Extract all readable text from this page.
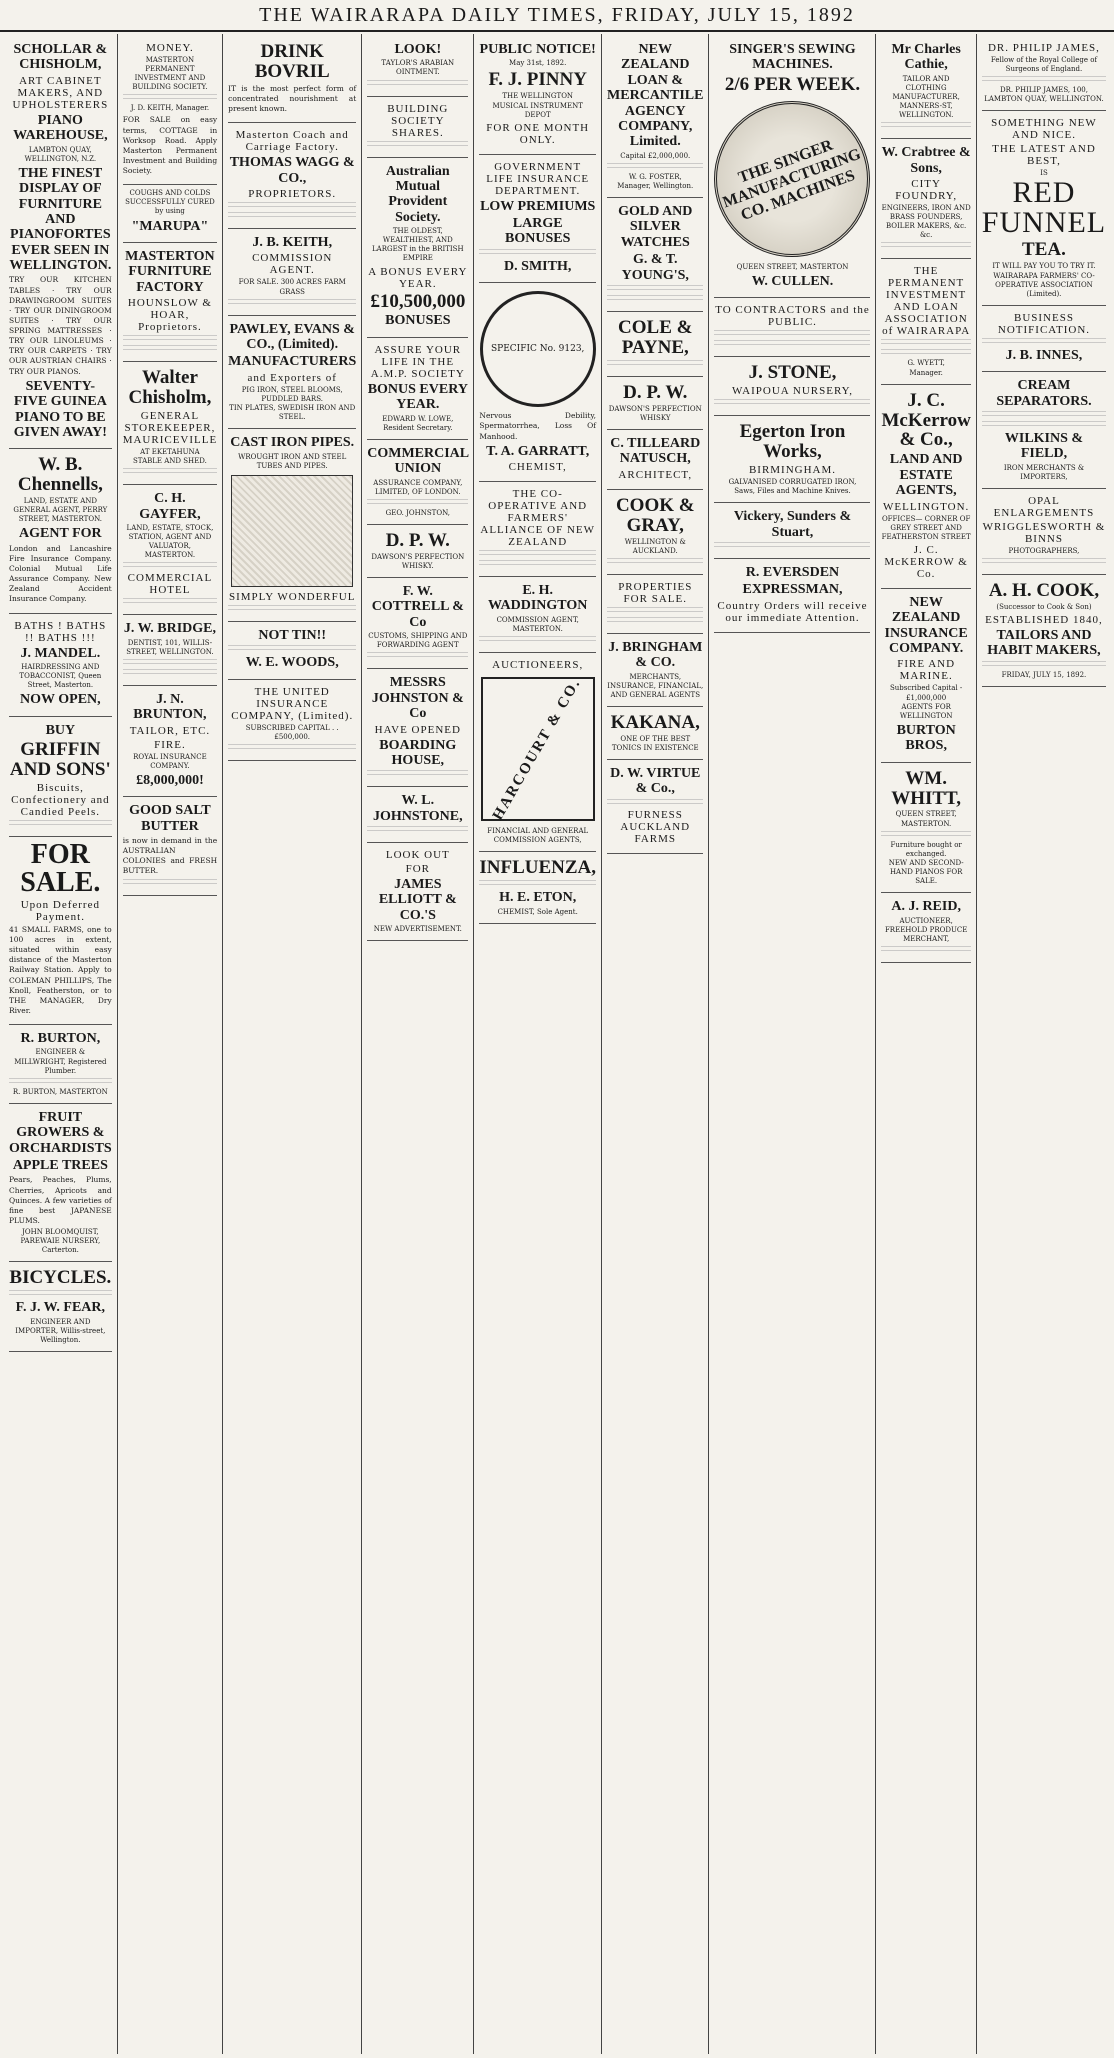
THE WAIRARAPA DAILY TIMES, FRIDAY, JULY 15, 1892
SCHOLLAR & CHISHOLM,
ART CABINET MAKERS, AND UPHOLSTERERS
PIANO WAREHOUSE,
LAMBTON QUAY, WELLINGTON, N.Z.
THE FINEST DISPLAY OF FURNITURE AND PIANOFORTES EVER SEEN IN WELLINGTON.
TRY OUR KITCHEN TABLES · TRY OUR DRAWINGROOM SUITES · TRY OUR DININGROOM SUITES · TRY OUR SPRING MATTRESSES · TRY OUR LINOLEUMS · TRY OUR CARPETS · TRY OUR AUSTRIAN CHAIRS · TRY OUR PIANOS.
SEVENTY-FIVE GUINEA PIANO TO BE GIVEN AWAY!
W. B. Chennells,
LAND, ESTATE AND GENERAL AGENT, PERRY STREET, MASTERTON.
AGENT FOR
London and Lancashire Fire Insurance Company. Colonial Mutual Life Assurance Company. New Zealand Accident Insurance Company.
BATHS ! BATHS !! BATHS !!!
J. MANDEL.
HAIRDRESSING AND TOBACCONIST, Queen Street, Masterton.
NOW OPEN,
BUY
GRIFFIN AND SONS'
Biscuits, Confectionery and Candied Peels.
FOR SALE.
Upon Deferred Payment.
41 SMALL FARMS, one to 100 acres in extent, situated within easy distance of the Masterton Railway Station. Apply to COLEMAN PHILLIPS, The Knoll, Featherston, or to THE MANAGER, Dry River.
R. BURTON,
ENGINEER & MILLWRIGHT, Registered Plumber.
R. BURTON, MASTERTON
FRUIT GROWERS & ORCHARDISTS
APPLE TREES
Pears, Peaches, Plums, Cherries, Apricots and Quinces. A few varieties of fine best JAPANESE PLUMS.
JOHN BLOOMQUIST, PAREWAIE NURSERY, Carterton.
BICYCLES.
F. J. W. FEAR,
ENGINEER AND IMPORTER, Willis-street, Wellington.
MONEY.
MASTERTON PERMANENT INVESTMENT AND BUILDING SOCIETY.
J. D. KEITH, Manager.
FOR SALE on easy terms, COTTAGE in Worksop Road. Apply Masterton Permanent Investment and Building Society.
COUGHS AND COLDS SUCCESSFULLY CURED by using
"MARUPA"
MASTERTON FURNITURE FACTORY
HOUNSLOW & HOAR, Proprietors.
Walter Chisholm,
GENERAL STOREKEEPER, MAURICEVILLE
AT EKETAHUNA
STABLE AND SHED.
C. H. GAYFER,
LAND, ESTATE, STOCK, STATION, AGENT AND VALUATOR, MASTERTON.
COMMERCIAL HOTEL
J. W. BRIDGE,
DENTIST, 101, WILLIS-STREET, WELLINGTON.
J. N. BRUNTON,
TAILOR, ETC.
FIRE.
ROYAL INSURANCE COMPANY.
£8,000,000!
GOOD SALT BUTTER
is now in demand in the AUSTRALIAN COLONIES and FRESH BUTTER.
DRINK BOVRIL
IT is the most perfect form of concentrated nourishment at present known.
Masterton Coach and Carriage Factory.
THOMAS WAGG & CO.,
PROPRIETORS.
J. B. KEITH,
COMMISSION AGENT.
FOR SALE. 300 ACRES FARM GRASS
PAWLEY, EVANS & CO., (Limited).
MANUFACTURERS
and Exporters of
PIG IRON, STEEL BLOOMS, PUDDLED BARS.
TIN PLATES, SWEDISH IRON AND STEEL.
CAST IRON PIPES.
WROUGHT IRON AND STEEL TUBES AND PIPES.
SIMPLY WONDERFUL
NOT TIN!!
W. E. WOODS,
THE UNITED INSURANCE COMPANY, (Limited).
SUBSCRIBED CAPITAL . . £500,000.
LOOK!
TAYLOR'S ARABIAN OINTMENT.
BUILDING SOCIETY SHARES.
Australian Mutual Provident Society.
THE OLDEST, WEALTHIEST, AND LARGEST in the BRITISH EMPIRE
A BONUS EVERY YEAR.
£10,500,000
BONUSES
ASSURE YOUR LIFE IN THE A.M.P. SOCIETY
BONUS EVERY YEAR.
EDWARD W. LOWE,
Resident Secretary.
COMMERCIAL UNION
ASSURANCE COMPANY, LIMITED, OF LONDON.
GEO. JOHNSTON,
D. P. W.
DAWSON'S PERFECTION WHISKY.
F. W. COTTRELL & Co
CUSTOMS, SHIPPING AND FORWARDING AGENT
MESSRS JOHNSTON & Co
HAVE OPENED
BOARDING HOUSE,
W. L. JOHNSTONE,
LOOK OUT
FOR
JAMES ELLIOTT & CO.'S
NEW ADVERTISEMENT.
PUBLIC NOTICE!
May 31st, 1892.
F. J. PINNY
THE WELLINGTON
MUSICAL INSTRUMENT DEPOT
FOR ONE MONTH ONLY.
GOVERNMENT LIFE INSURANCE DEPARTMENT.
LOW PREMIUMS
LARGE BONUSES
D. SMITH,
SPECIFIC No. 9123,
Nervous Debility, Spermatorrhea, Loss Of Manhood.
T. A. GARRATT,
CHEMIST,
THE CO-OPERATIVE AND FARMERS' ALLIANCE OF NEW ZEALAND
E. H. WADDINGTON
COMMISSION AGENT, MASTERTON.
AUCTIONEERS,
HARCOURT & CO.
FINANCIAL AND GENERAL COMMISSION AGENTS,
INFLUENZA,
H. E. ETON,
CHEMIST, Sole Agent.
NEW ZEALAND LOAN & MERCANTILE AGENCY COMPANY, Limited.
Capital £2,000,000.
W. G. FOSTER,
Manager, Wellington.
GOLD AND SILVER WATCHES
G. & T. YOUNG'S,
COLE & PAYNE,
D. P. W.
DAWSON'S PERFECTION WHISKY
C. TILLEARD NATUSCH,
ARCHITECT,
COOK & GRAY,
WELLINGTON & AUCKLAND.
PROPERTIES FOR SALE.
J. BRINGHAM & CO.
MERCHANTS, INSURANCE, FINANCIAL, AND GENERAL AGENTS
KAKANA,
ONE OF THE BEST TONICS IN EXISTENCE
D. W. VIRTUE & Co.,
FURNESS AUCKLAND FARMS
SINGER'S SEWING MACHINES.
2/6 PER WEEK.
THE SINGER MANUFACTURING CO. MACHINES
QUEEN STREET, MASTERTON
W. CULLEN.
TO CONTRACTORS and the PUBLIC.
J. STONE,
WAIPOUA NURSERY,
Egerton Iron Works,
BIRMINGHAM.
GALVANISED CORRUGATED IRON,
Saws, Files and Machine Knives.
Vickery, Sunders & Stuart,
R. EVERSDEN
EXPRESSMAN,
Country Orders will receive our immediate Attention.
Mr Charles Cathie,
TAILOR AND CLOTHING MANUFACTURER,
MANNERS-ST, WELLINGTON.
W. Crabtree & Sons,
CITY FOUNDRY,
ENGINEERS, IRON AND BRASS FOUNDERS, BOILER MAKERS, &c. &c.
THE PERMANENT INVESTMENT AND LOAN ASSOCIATION of WAIRARAPA
G. WYETT,
Manager.
J. C. McKerrow & Co.,
LAND AND ESTATE AGENTS,
WELLINGTON.
OFFICES— CORNER OF GREY STREET AND FEATHERSTON STREET
J. C. McKERROW & Co.
NEW ZEALAND INSURANCE COMPANY.
FIRE AND MARINE.
Subscribed Capital - £1,000,000
AGENTS FOR WELLINGTON
BURTON BROS,
WM. WHITT,
QUEEN STREET, MASTERTON.
Furniture bought or exchanged.
NEW AND SECOND-HAND PIANOS FOR SALE.
A. J. REID,
AUCTIONEER, FREEHOLD PRODUCE MERCHANT,
DR. PHILIP JAMES,
Fellow of the Royal College of Surgeons of England.
DR. PHILIP JAMES, 100, LAMBTON QUAY, WELLINGTON.
SOMETHING NEW AND NICE.
THE LATEST AND BEST,
IS
RED FUNNEL
TEA.
IT WILL PAY YOU TO TRY IT.
WAIRARAPA FARMERS' CO-OPERATIVE ASSOCIATION (Limited).
BUSINESS NOTIFICATION.
J. B. INNES,
CREAM SEPARATORS.
WILKINS & FIELD,
IRON MERCHANTS & IMPORTERS,
OPAL ENLARGEMENTS
WRIGGLESWORTH & BINNS
PHOTOGRAPHERS,
A. H. COOK,
(Successor to Cook & Son)
ESTABLISHED 1840,
TAILORS AND HABIT MAKERS,
FRIDAY, JULY 15, 1892.
